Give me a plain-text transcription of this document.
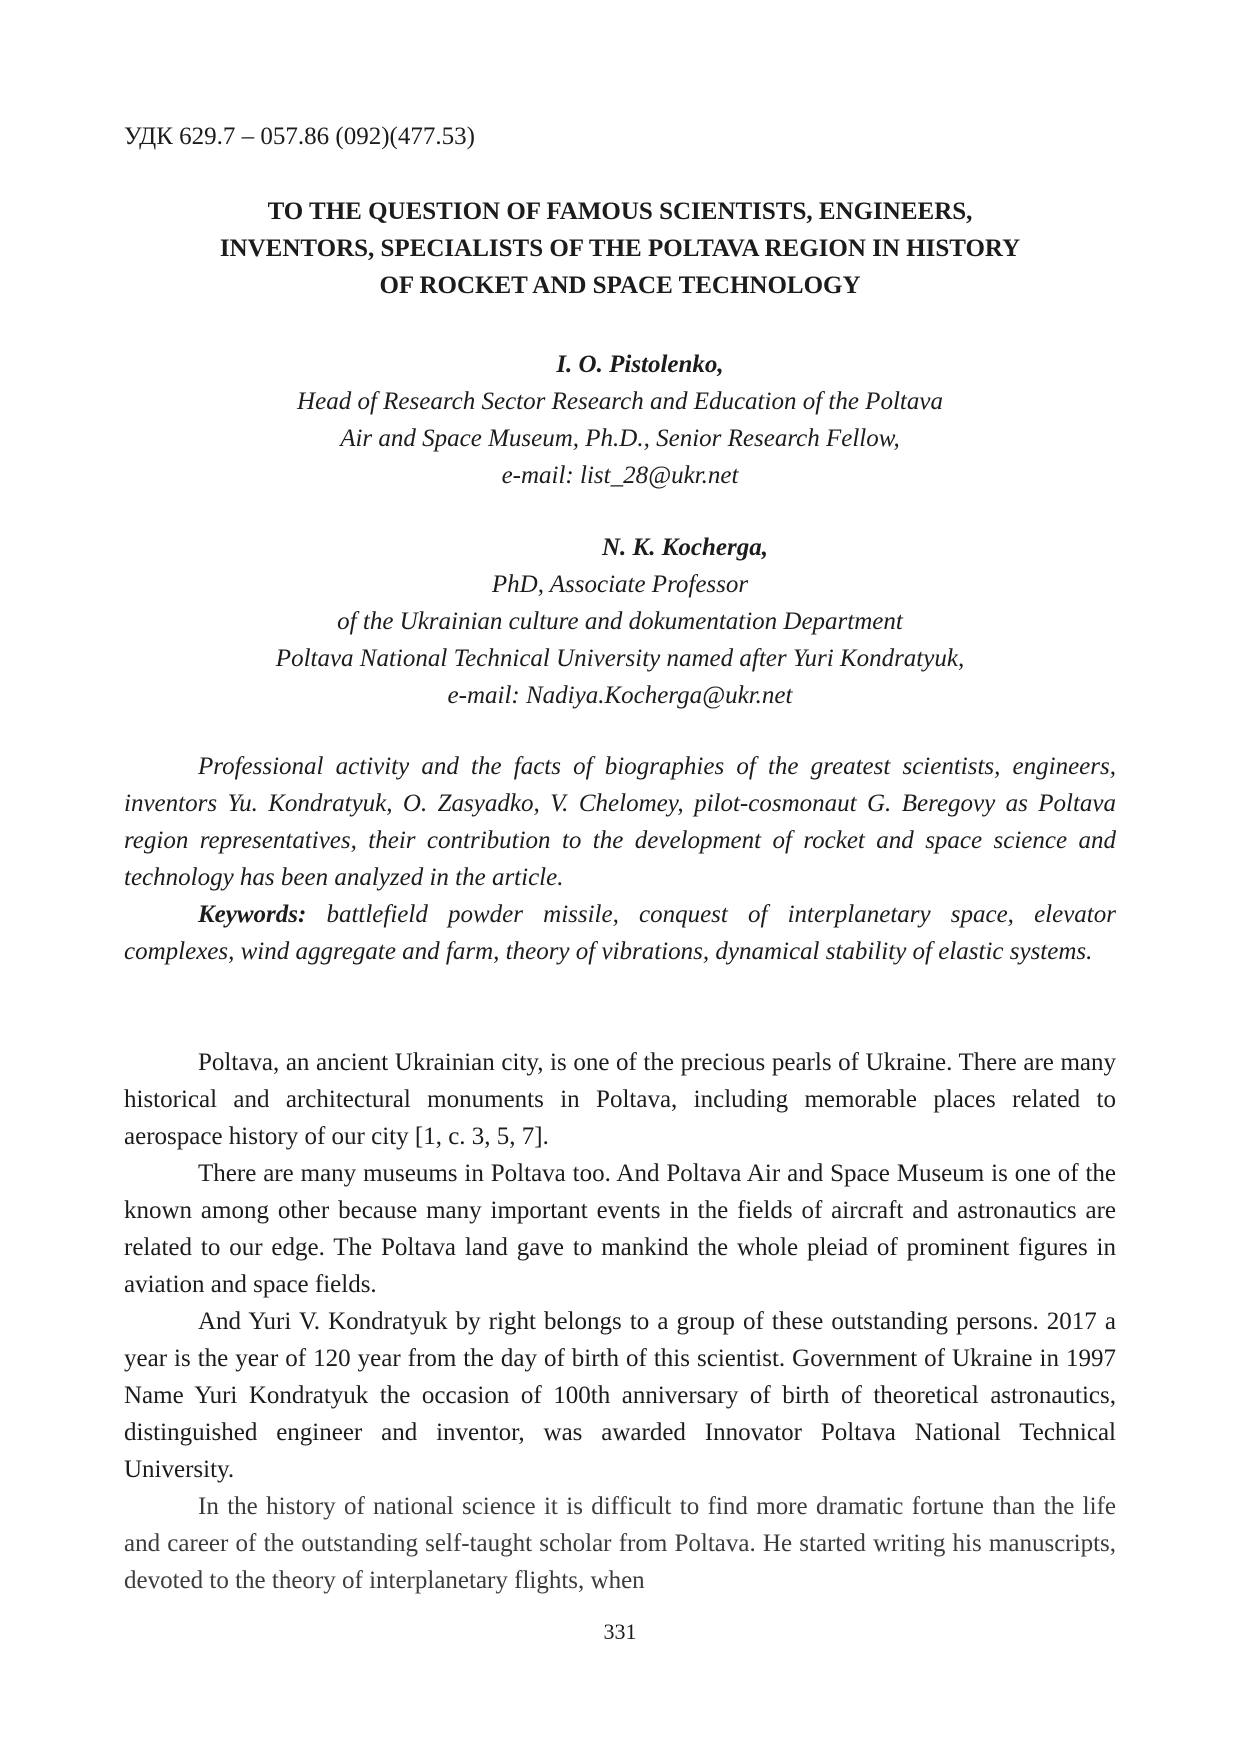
УДК 629.7 – 057.86 (092)(477.53)
TO THE QUESTION OF FAMOUS SCIENTISTS, ENGINEERS,
INVENTORS, SPECIALISTS OF THE POLTAVA REGION IN HISTORY
OF ROCKET AND SPACE TECHNOLOGY
I. O. Pistolenko,
Head of Research Sector Research and Education of the Poltava
Air and Space Museum, Ph.D., Senior Research Fellow,
e-mail: list_28@ukr.net
N. K. Kocherga,
PhD, Associate Professor
of the Ukrainian culture and dokumentation Department
Poltava National Technical University named after Yuri Kondratyuk,
e-mail: Nadiya.Kocherga@ukr.net

Professional activity and the facts of biographies of the greatest scientists, engineers, inventors Yu. Kondratyuk, O. Zasyadko, V. Chelomey, pilot-cosmonaut G. Beregovy as Poltava region representatives, their contribution to the development of rocket and space science and technology has been analyzed in the article.

Keywords: battlefield powder missile, conquest of interplanetary space, elevator complexes, wind aggregate and farm, theory of vibrations, dynamical stability of elastic systems.

Poltava, an ancient Ukrainian city, is one of the precious pearls of Ukraine. There are many historical and architectural monuments in Poltava, including memorable places related to aerospace history of our city [1, c. 3, 5, 7].

There are many museums in Poltava too. And Poltava Air and Space Museum is one of the known among other because many important events in the fields of aircraft and astronautics are related to our edge. The Poltava land gave to mankind the whole pleiad of prominent figures in aviation and space fields.

And Yuri V. Kondratyuk by right belongs to a group of these outstanding persons. 2017 a year is the year of 120 year from the day of birth of this scientist. Government of Ukraine in 1997 Name Yuri Kondratyuk the occasion of 100th anniversary of birth of theoretical astronautics, distinguished engineer and inventor, was awarded Innovator Poltava National Technical University.

In the history of national science it is difficult to find more dramatic fortune than the life and career of the outstanding self-taught scholar from Poltava. He started writing his manuscripts, devoted to the theory of interplanetary flights, when

331
